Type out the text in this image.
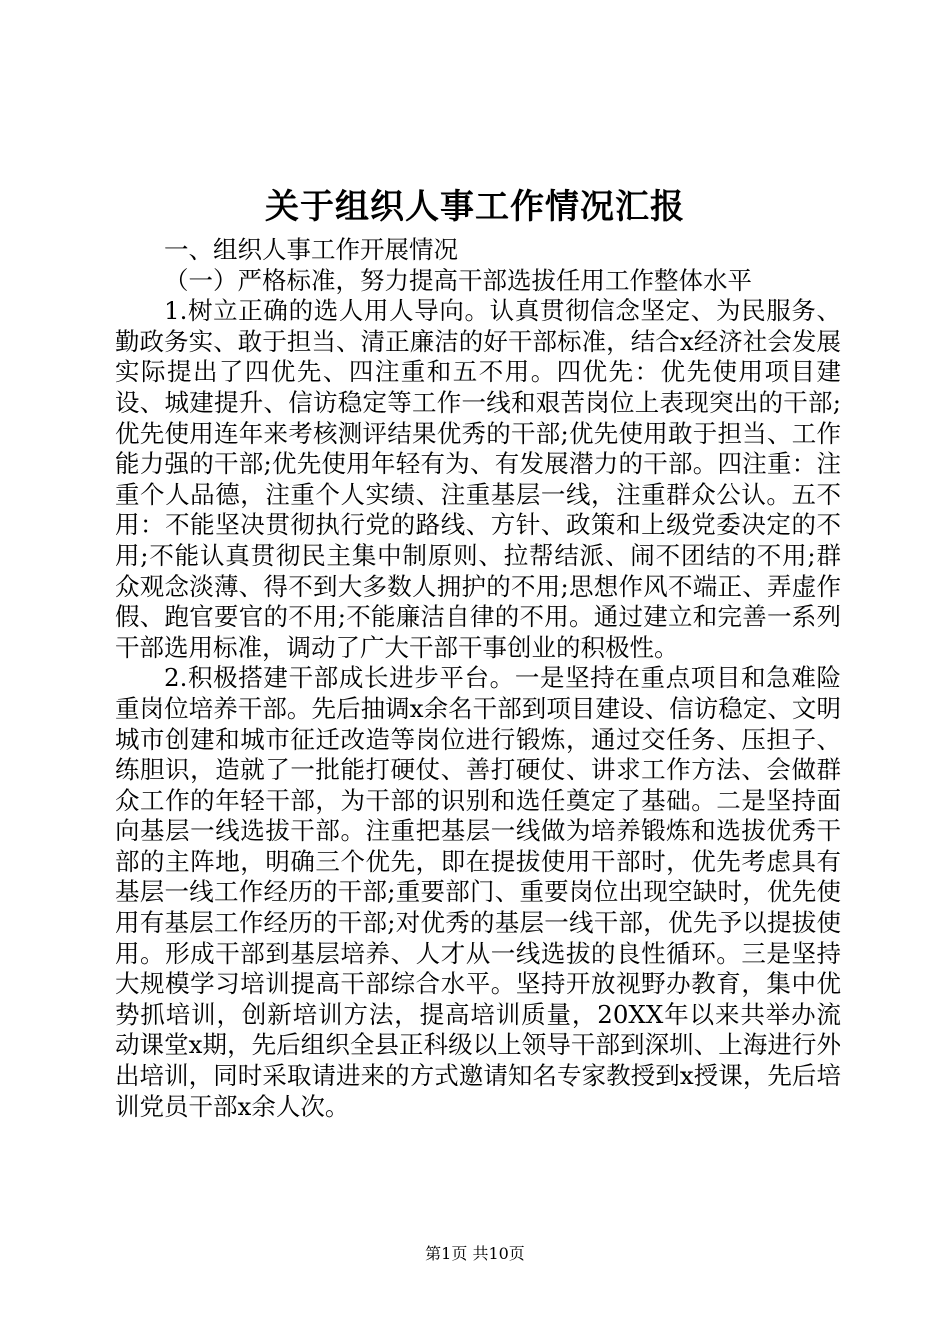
关于组织人事工作情况汇报

一、组织人事工作开展情况

（一）严格标准，努力提高干部选拔任用工作整体水平

1.树立正确的选人用人导向。认真贯彻信念坚定、为民服务、勤政务实、敢于担当、清正廉洁的好干部标准，结合x经济社会发展实际提出了四优先、四注重和五不用。四优先：优先使用项目建设、城建提升、信访稳定等工作一线和艰苦岗位上表现突出的干部;优先使用连年来考核测评结果优秀的干部;优先使用敢于担当、工作能力强的干部;优先使用年轻有为、有发展潜力的干部。四注重：注重个人品德，注重个人实绩、注重基层一线，注重群众公认。五不用：不能坚决贯彻执行党的路线、方针、政策和上级党委决定的不用;不能认真贯彻民主集中制原则、拉帮结派、闹不团结的不用;群众观念淡薄、得不到大多数人拥护的不用;思想作风不端正、弄虚作假、跑官要官的不用;不能廉洁自律的不用。通过建立和完善一系列干部选用标准，调动了广大干部干事创业的积极性。

2.积极搭建干部成长进步平台。一是坚持在重点项目和急难险重岗位培养干部。先后抽调x余名干部到项目建设、信访稳定、文明城市创建和城市征迁改造等岗位进行锻炼，通过交任务、压担子、练胆识，造就了一批能打硬仗、善打硬仗、讲求工作方法、会做群众工作的年轻干部，为干部的识别和选任奠定了基础。二是坚持面向基层一线选拔干部。注重把基层一线做为培养锻炼和选拔优秀干部的主阵地，明确三个优先，即在提拔使用干部时，优先考虑具有基层一线工作经历的干部;重要部门、重要岗位出现空缺时，优先使用有基层工作经历的干部;对优秀的基层一线干部，优先予以提拔使用。形成干部到基层培养、人才从一线选拔的良性循环。三是坚持大规模学习培训提高干部综合水平。坚持开放视野办教育，集中优势抓培训，创新培训方法，提高培训质量，20XX年以来共举办流动课堂x期，先后组织全县正科级以上领导干部到深圳、上海进行外出培训，同时采取请进来的方式邀请知名专家教授到x授课，先后培训党员干部x余人次。

第1页 共10页
